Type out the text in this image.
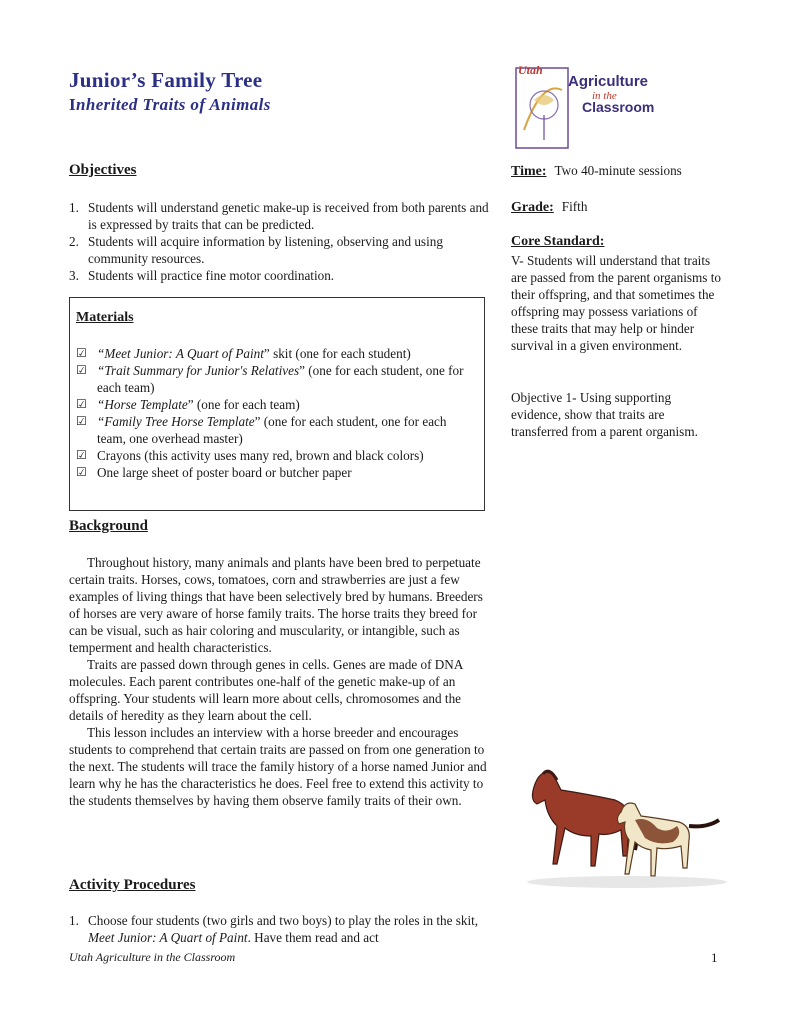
Junior’s Family Tree
Inherited Traits of Animals
Utah
Agriculture
in the
Classroom
Objectives
1. Students will understand genetic make-up is received from both parents and is expressed by traits that can be predicted.
2. Students will acquire information by listening, observing and using community resources.
3. Students will practice fine motor coordination.
Materials
☑ “Meet Junior: A Quart of Paint” skit (one for each student)
☑ “Trait Summary for Junior's Relatives” (one for each student, one for each team)
☑ “Horse Template” (one for each team)
☑ “Family Tree Horse Template” (one for each student, one for each team, one overhead master)
☑ Crayons (this activity uses many red, brown and black colors)
☑ One large sheet of poster board or butcher paper
Background

Throughout history, many animals and plants have been bred to perpetuate certain traits. Horses, cows, tomatoes, corn and strawberries are just a few examples of living things that have been selectively bred by humans. Breeders of horses are very aware of horse family traits. The horse traits they breed for can be visual, such as hair coloring and muscularity, or intangible, such as temperment and health characteristics.

Traits are passed down through genes in cells. Genes are made of DNA molecules. Each parent contributes one-half of the genetic make-up of an offspring. Your students will learn more about cells, chromosomes and the details of heredity as they learn about the cell.

This lesson includes an interview with a horse breeder and encourages students to comprehend that certain traits are passed on from one generation to the next. The students will trace the family history of a horse named Junior and learn why he has the characteristics he does. Feel free to extend this activity to the students themselves by having them observe family traits of their own.

Activity Procedures
1. Choose four students (two girls and two boys) to play the roles in the skit, Meet Junior: A Quart of Paint. Have them read and act
Time: Two 40-minute sessions
Grade: Fifth
Core Standard:
V- Students will understand that traits are passed from the parent organisms to their offspring, and that sometimes the offspring may possess variations of these traits that may help or hinder survival in a given environment.
Objective 1- Using supporting evidence, show that traits are transferred from a parent organism.
Utah Agriculture in the Classroom	1
